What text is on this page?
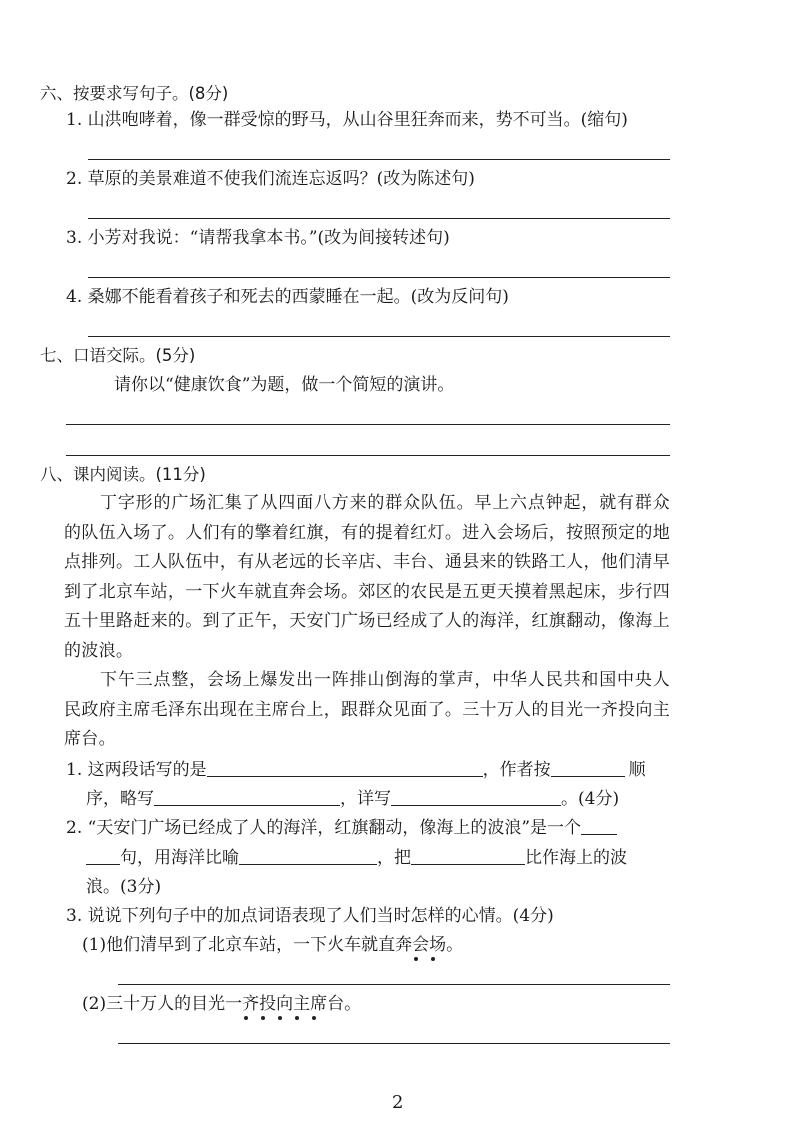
六、按要求写句子。(8分)
1. 山洪咆哮着，像一群受惊的野马，从山谷里狂奔而来，势不可当。(缩句)
2. 草原的美景难道不使我们流连忘返吗？(改为陈述句)
3. 小芳对我说：“请帮我拿本书。”(改为间接转述句)
4. 桑娜不能看着孩子和死去的西蒙睡在一起。(改为反问句)
七、口语交际。(5分)
请你以“健康饮食”为题，做一个简短的演讲。
八、课内阅读。(11分)
丁字形的广场汇集了从四面八方来的群众队伍。早上六点钟起，就有群众的队伍入场了。人们有的擎着红旗，有的提着红灯。进入会场后，按照预定的地点排列。工人队伍中，有从老远的长辛店、丰台、通县来的铁路工人，他们清早到了北京车站，一下火车就直奔会场。郊区的农民是五更天摸着黑起床，步行四五十里路赶来的。到了正午，天安门广场已经成了人的海洋，红旗翻动，像海上的波浪。
下午三点整，会场上爆发出一阵排山倒海的掌声，中华人民共和国中央人民政府主席毛泽东出现在主席台上，跟群众见面了。三十万人的目光一齐投向主席台。
1. 这两段话写的是	，作者按	顺
序，略写	，详写	。(4分)
2. “天安门广场已经成了人的海洋，红旗翻动，像海上的波浪”是一个
句，用海洋比喻	，把	比作海上的波
浪。(3分)
3. 说说下列句子中的加点词语表现了人们当时怎样的心情。(4分)
(1)他们清早到了北京车站，一下火车就直奔会场。
(2)三十万人的目光一齐投向主席台。
2
